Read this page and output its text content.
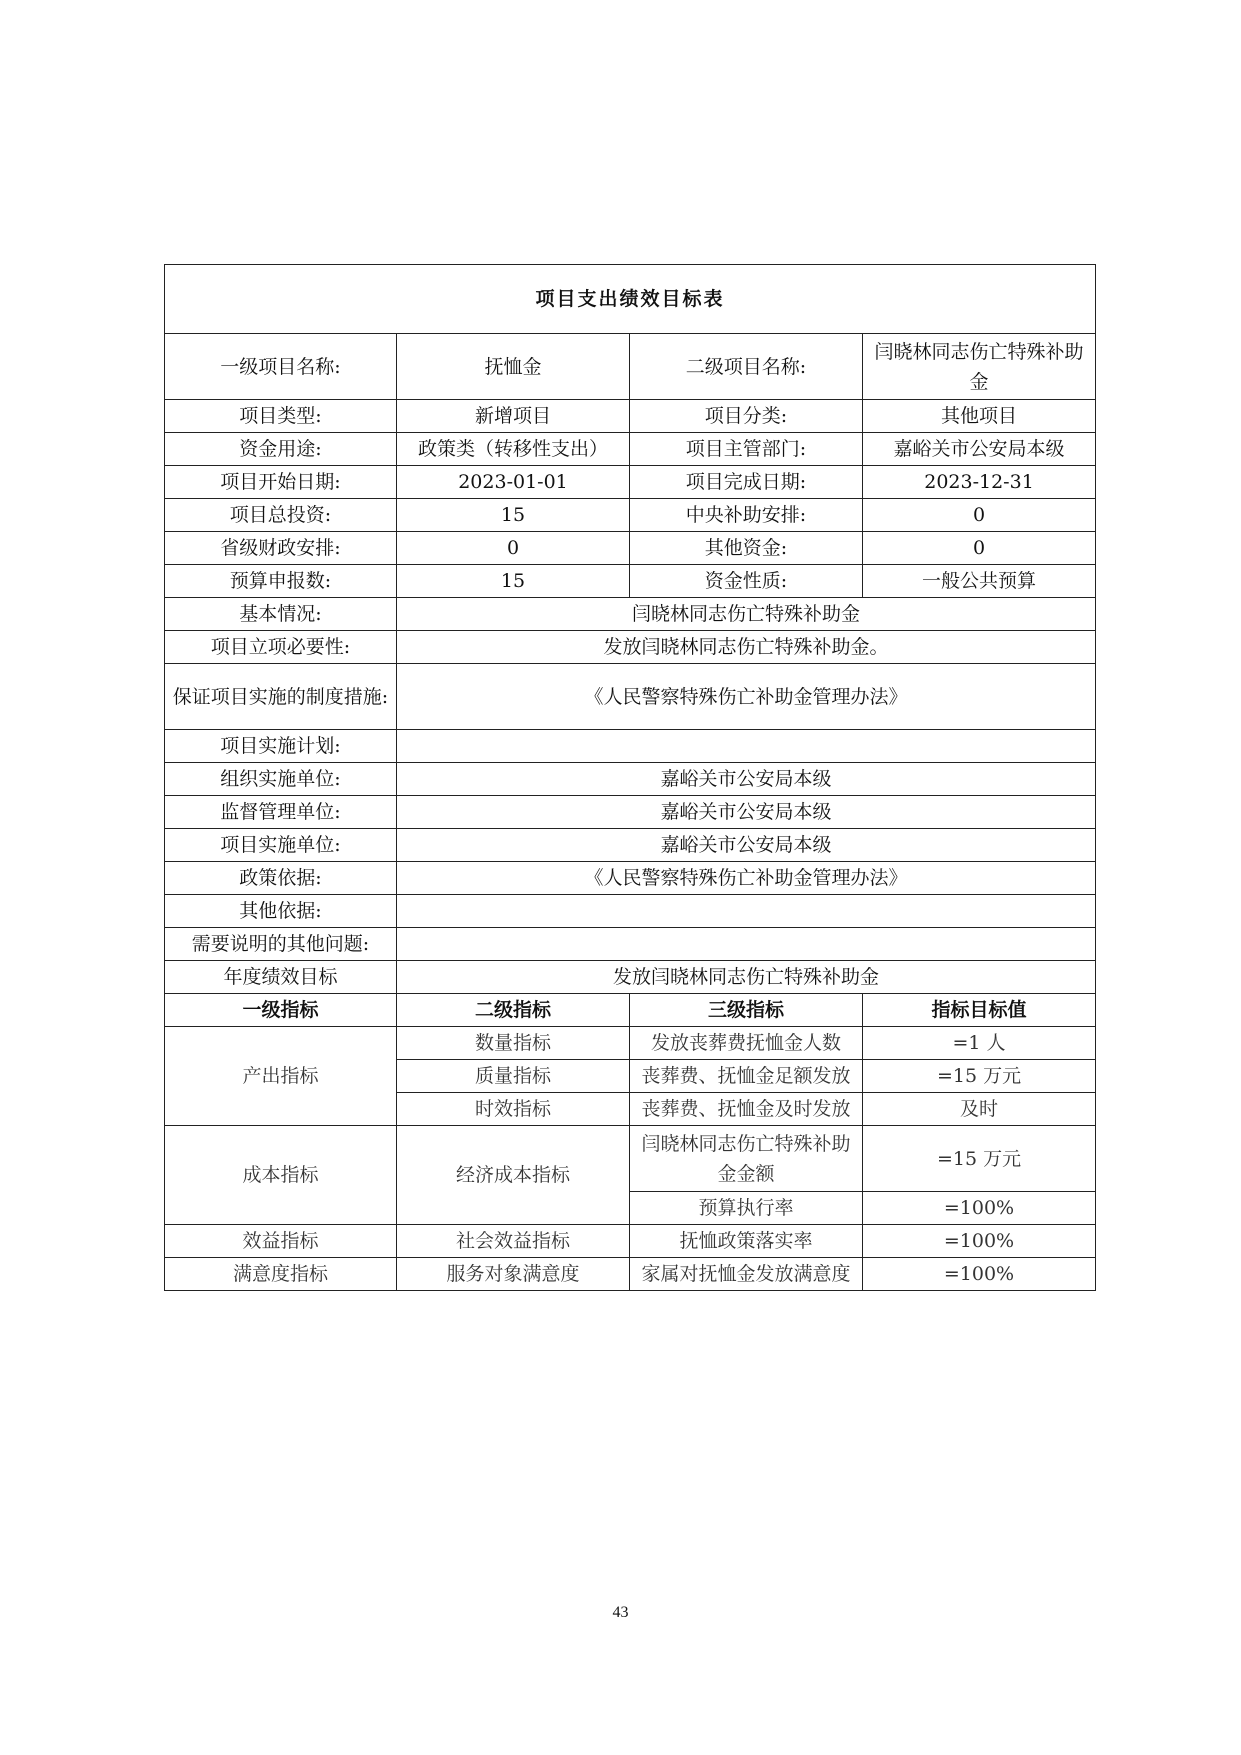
项目支出绩效目标表			
一级项目名称:	抚恤金	二级项目名称:	闫晓林同志伤亡特殊补助金
项目类型:	新增项目	项目分类:	其他项目
资金用途:	政策类（转移性支出）	项目主管部门:	嘉峪关市公安局本级
项目开始日期:	2023-01-01	项目完成日期:	2023-12-31
项目总投资:	15	中央补助安排:	0
省级财政安排:	0	其他资金:	0
预算申报数:	15	资金性质:	一般公共预算
基本情况:	闫晓林同志伤亡特殊补助金		
项目立项必要性:	发放闫晓林同志伤亡特殊补助金。		
保证项目实施的制度措施:	《人民警察特殊伤亡补助金管理办法》		
项目实施计划:			
组织实施单位:	嘉峪关市公安局本级		
监督管理单位:	嘉峪关市公安局本级		
项目实施单位:	嘉峪关市公安局本级		
政策依据:	《人民警察特殊伤亡补助金管理办法》		
其他依据:			
需要说明的其他问题:			
年度绩效目标	发放闫晓林同志伤亡特殊补助金		
一级指标	二级指标	三级指标	指标目标值
产出指标	数量指标	发放丧葬费抚恤金人数	=1 人
	质量指标	丧葬费、抚恤金足额发放	=15 万元
	时效指标	丧葬费、抚恤金及时发放	及时
成本指标	经济成本指标	闫晓林同志伤亡特殊补助金金额	=15 万元
		预算执行率	=100%
效益指标	社会效益指标	抚恤政策落实率	=100%
满意度指标	服务对象满意度	家属对抚恤金发放满意度	=100%
43
